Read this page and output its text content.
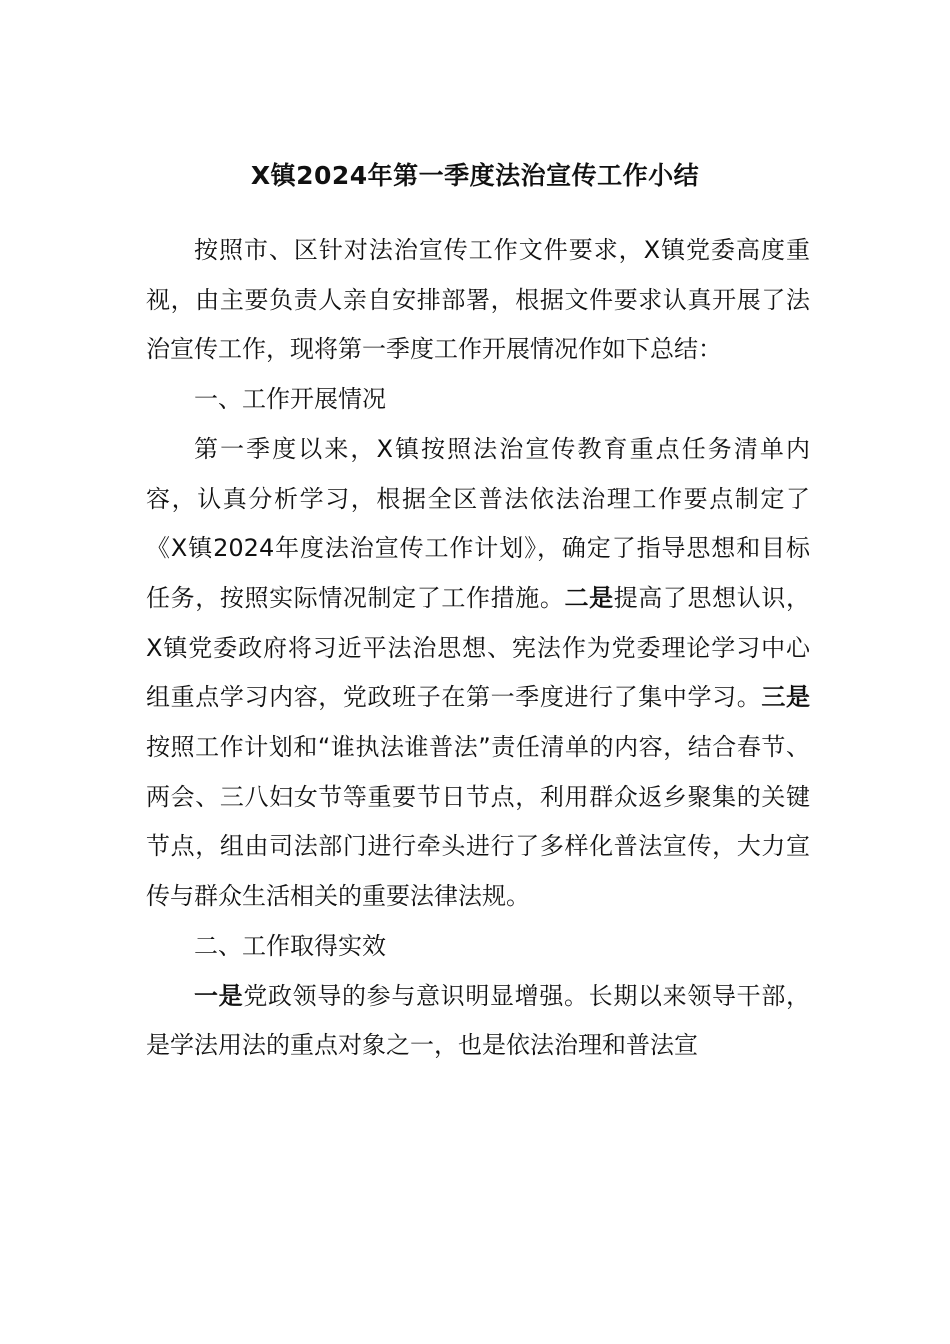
X镇2024年第一季度法治宣传工作小结

按照市、区针对法治宣传工作文件要求，X镇党委高度重视，由主要负责人亲自安排部署，根据文件要求认真开展了法治宣传工作，现将第一季度工作开展情况作如下总结：

一、工作开展情况

第一季度以来，X镇按照法治宣传教育重点任务清单内容，认真分析学习，根据全区普法依法治理工作要点制定了《X镇2024年度法治宣传工作计划》，确定了指导思想和目标任务，按照实际情况制定了工作措施。二是提高了思想认识，X镇党委政府将习近平法治思想、宪法作为党委理论学习中心组重点学习内容，党政班子在第一季度进行了集中学习。三是按照工作计划和“谁执法谁普法”责任清单的内容，结合春节、两会、三八妇女节等重要节日节点，利用群众返乡聚集的关键节点，组由司法部门进行牵头进行了多样化普法宣传，大力宣传与群众生活相关的重要法律法规。

二、工作取得实效

一是党政领导的参与意识明显增强。长期以来领导干部，是学法用法的重点对象之一，也是依法治理和普法宣
